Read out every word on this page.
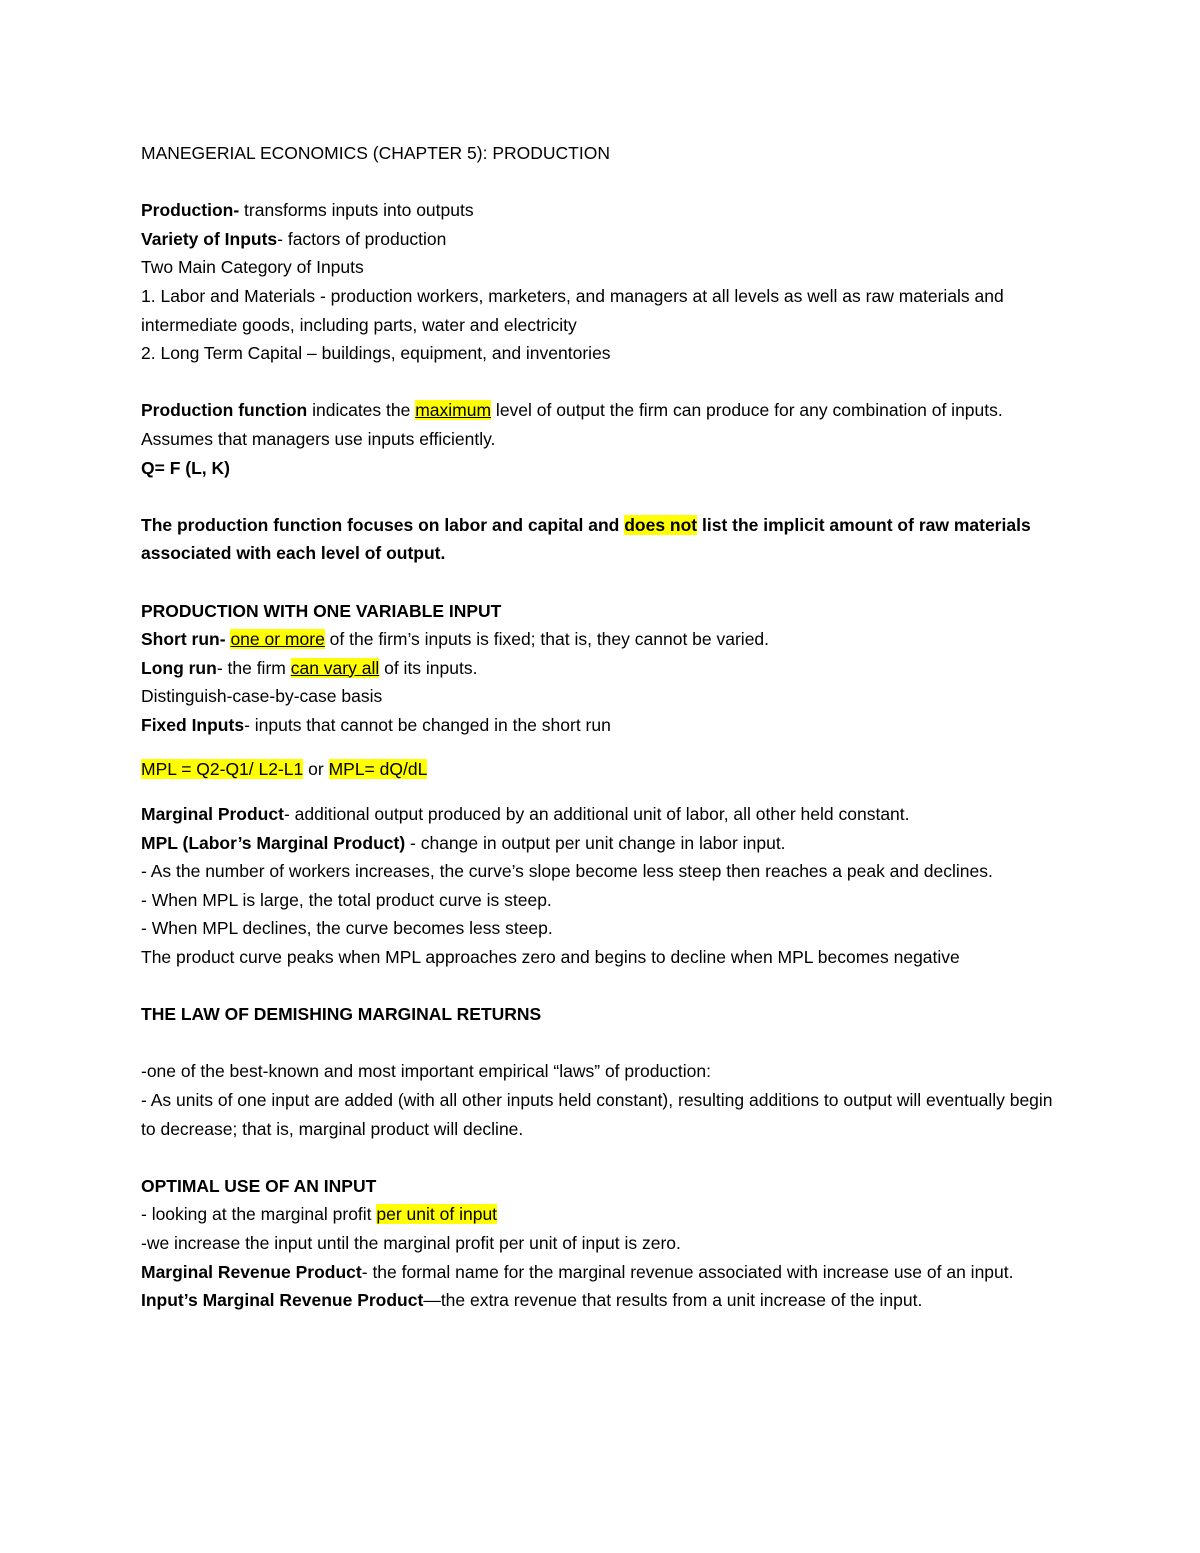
MANEGERIAL ECONOMICS (CHAPTER 5): PRODUCTION

Production- transforms inputs into outputs

Variety of Inputs- factors of production

Two Main Category of Inputs

1. Labor and Materials - production workers, marketers, and managers at all levels as well as raw materials and intermediate goods, including parts, water and electricity

2. Long Term Capital – buildings, equipment, and inventories

Production function indicates the maximum level of output the firm can produce for any combination of inputs. Assumes that managers use inputs efficiently.

Q= F (L, K)

The production function focuses on labor and capital and does not list the implicit amount of raw materials associated with each level of output.

PRODUCTION WITH ONE VARIABLE INPUT

Short run- one or more of the firm’s inputs is fixed; that is, they cannot be varied.

Long run- the firm can vary all of its inputs.

Distinguish-case-by-case basis

Fixed Inputs- inputs that cannot be changed in the short run

MPL = Q2-Q1/ L2-L1 or MPL= dQ/dL

Marginal Product- additional output produced by an additional unit of labor, all other held constant.

MPL (Labor’s Marginal Product) - change in output per unit change in labor input.

- As the number of workers increases, the curve’s slope become less steep then reaches a peak and declines.

- When MPL is large, the total product curve is steep.

- When MPL declines, the curve becomes less steep.

The product curve peaks when MPL approaches zero and begins to decline when MPL becomes negative

THE LAW OF DEMISHING MARGINAL RETURNS

-one of the best-known and most important empirical “laws” of production:

- As units of one input are added (with all other inputs held constant), resulting additions to output will eventually begin to decrease; that is, marginal product will decline.

OPTIMAL USE OF AN INPUT

- looking at the marginal profit per unit of input

-we increase the input until the marginal profit per unit of input is zero.

Marginal Revenue Product- the formal name for the marginal revenue associated with increase use of an input.

Input’s Marginal Revenue Product—the extra revenue that results from a unit increase of the input.
